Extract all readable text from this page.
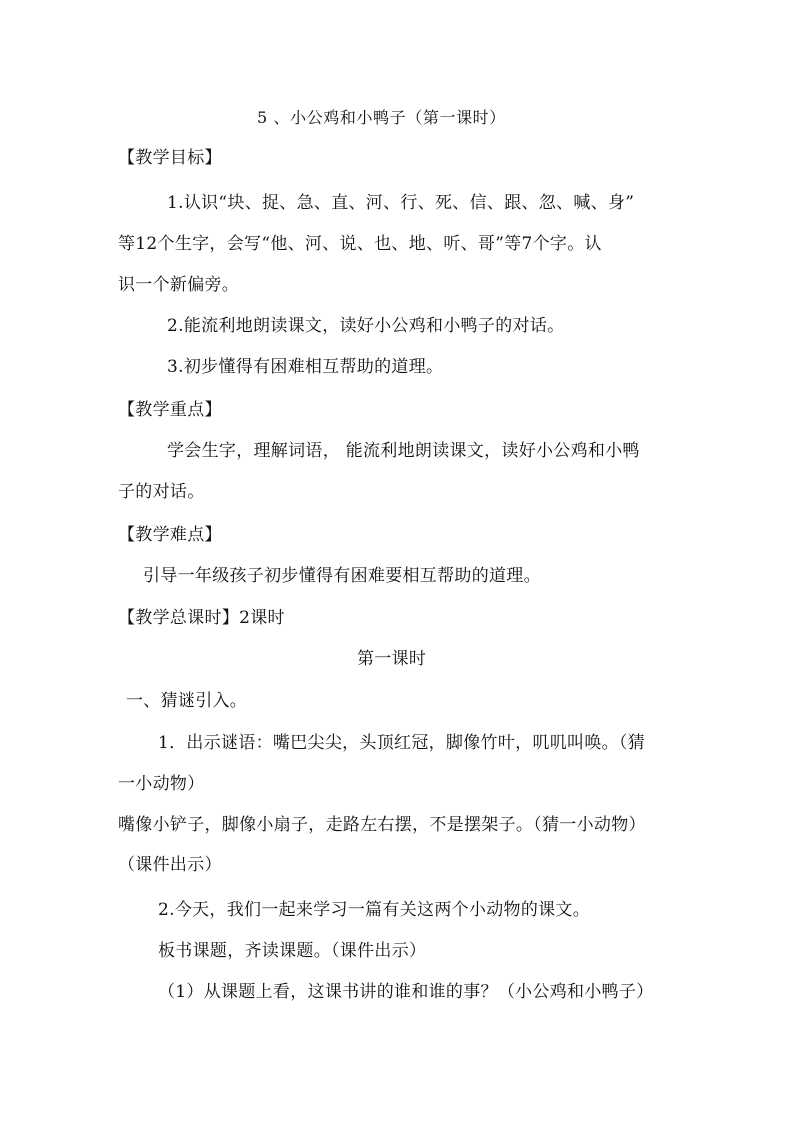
5 、小公鸡和小鸭子（第一课时）
【教学目标】
1.认识“块、捉、急、直、河、行、死、信、跟、忽、喊、身”
等12个生字，会写“他、河、说、也、地、听、哥”等7个字。认
识一个新偏旁。
2.能流利地朗读课文，读好小公鸡和小鸭子的对话。
3.初步懂得有困难相互帮助的道理。
【教学重点】
学会生字，理解词语， 能流利地朗读课文，读好小公鸡和小鸭
子的对话。
【教学难点】
引导一年级孩子初步懂得有困难要相互帮助的道理。
【教学总课时】2课时
第一课时
一、猜谜引入。
1．出示谜语：嘴巴尖尖，头顶红冠，脚像竹叶，叽叽叫唤。（猜
一小动物）
嘴像小铲子，脚像小扇子，走路左右摆，不是摆架子。（猜一小动物）
（课件出示）
2.今天，我们一起来学习一篇有关这两个小动物的课文。
板书课题，齐读课题。（课件出示）
（1）从课题上看，这课书讲的谁和谁的事？（小公鸡和小鸭子）
